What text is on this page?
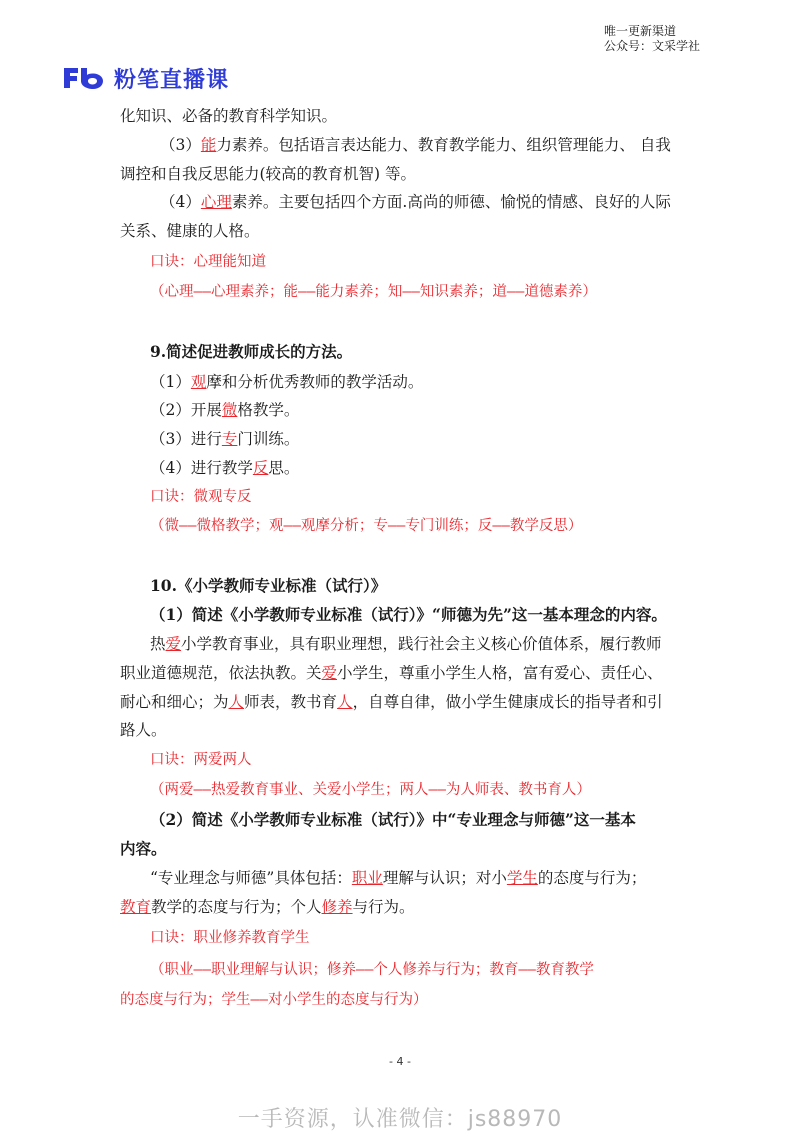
唯一更新渠道
公众号：文采学社
粉笔直播课
化知识、必备的教育科学知识。
（3）能力素养。包括语言表达能力、教育教学能力、组织管理能力、 自我
调控和自我反思能力(较高的教育机智) 等。
（4）心理素养。主要包括四个方面.高尚的师德、愉悦的情感、良好的人际
关系、健康的人格。
口诀：心理能知道
（心理——心理素养；能——能力素养；知——知识素养；道——道德素养）
9.简述促进教师成长的方法。
（1）观摩和分析优秀教师的教学活动。
（2）开展微格教学。
（3）进行专门训练。
（4）进行教学反思。
口诀：微观专反
（微——微格教学；观——观摩分析；专——专门训练；反——教学反思）
10.《小学教师专业标准（试行）》
（1）简述《小学教师专业标准（试行）》“师德为先”这一基本理念的内容。
热爱小学教育事业，具有职业理想，践行社会主义核心价值体系，履行教师
职业道德规范，依法执教。关爱小学生，尊重小学生人格，富有爱心、责任心、
耐心和细心；为人师表，教书育人，自尊自律，做小学生健康成长的指导者和引
路人。
口诀：两爱两人
（两爱——热爱教育事业、关爱小学生；两人——为人师表、教书育人）
（2）简述《小学教师专业标准（试行）》中“专业理念与师德”这一基本
内容。
“专业理念与师德”具体包括：职业理解与认识；对小学生的态度与行为；
教育教学的态度与行为；个人修养与行为。
口诀：职业修养教育学生
（职业——职业理解与认识；修养——个人修养与行为；教育——教育教学
的态度与行为；学生——对小学生的态度与行为）
- 4 -
一手资源，认准微信：js88970
